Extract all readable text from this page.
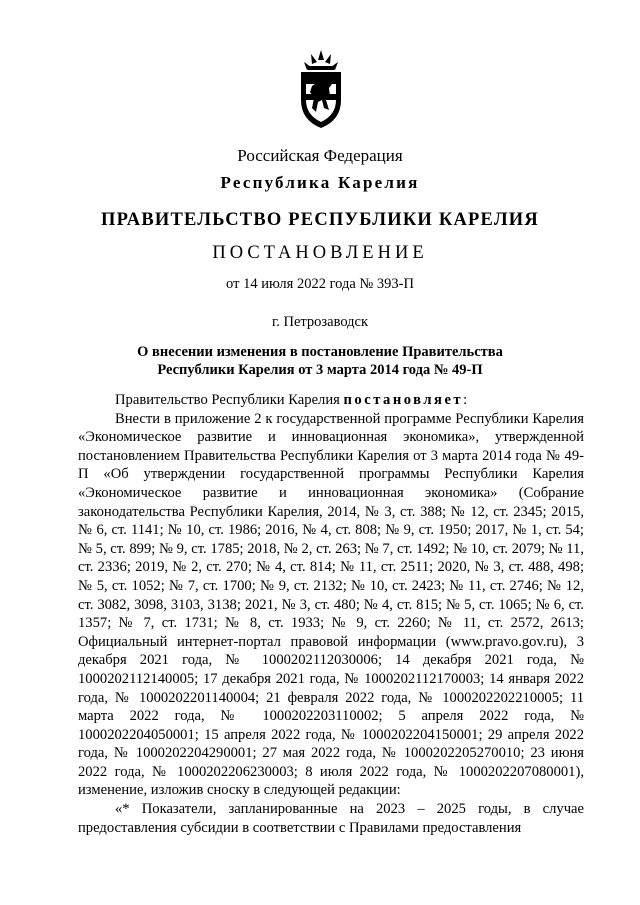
Российская Федерация
Республика Карелия
ПРАВИТЕЛЬСТВО РЕСПУБЛИКИ КАРЕЛИЯ
ПОСТАНОВЛЕНИЕ
от 14 июля 2022 года № 393-П
г. Петрозаводск
О внесении изменения в постановление Правительства
Республики Карелия от 3 марта 2014 года № 49-П

Правительство Республики Карелия постановляет:

Внести в приложение 2 к государственной программе Республики Карелия «Экономическое развитие и инновационная экономика», утвержденной постановлением Правительства Республики Карелия от 3 марта 2014 года № 49-П «Об утверждении государственной программы Республики Карелия «Экономическое развитие и инновационная экономика» (Собрание законодательства Республики Карелия, 2014, № 3, ст. 388; № 12, ст. 2345; 2015, № 6, ст. 1141; № 10, ст. 1986; 2016, № 4, ст. 808; № 9, ст. 1950; 2017, № 1, ст. 54; № 5, ст. 899; № 9, ст. 1785; 2018, № 2, ст. 263; № 7, ст. 1492; № 10, ст. 2079; № 11, ст. 2336; 2019, № 2, ст. 270; № 4, ст. 814; № 11, ст. 2511; 2020, № 3, ст. 488, 498; № 5, ст. 1052; № 7, ст. 1700; № 9, ст. 2132; № 10, ст. 2423; № 11, ст. 2746; № 12, ст. 3082, 3098, 3103, 3138; 2021, № 3, ст. 480; № 4, ст. 815; № 5, ст. 1065; № 6, ст. 1357; № 7, ст. 1731; № 8, ст. 1933; № 9, ст. 2260; № 11, ст. 2572, 2613; Официальный интернет-портал правовой информации (www.pravo.gov.ru), 3 декабря 2021 года, № 1000202112030006; 14 декабря 2021 года, № 1000202112140005; 17 декабря 2021 года, № 1000202112170003; 14 января 2022 года, № 1000202201140004; 21 февраля 2022 года, № 1000202202210005; 11 марта 2022 года, № 1000202203110002; 5 апреля 2022 года, № 1000202204050001; 15 апреля 2022 года, № 1000202204150001; 29 апреля 2022 года, № 1000202204290001; 27 мая 2022 года, № 1000202205270010; 23 июня 2022 года, № 1000202206230003; 8 июля 2022 года, № 1000202207080001), изменение, изложив сноску в следующей редакции:

«* Показатели, запланированные на 2023 – 2025 годы, в случае предоставления субсидии в соответствии с Правилами предоставления
